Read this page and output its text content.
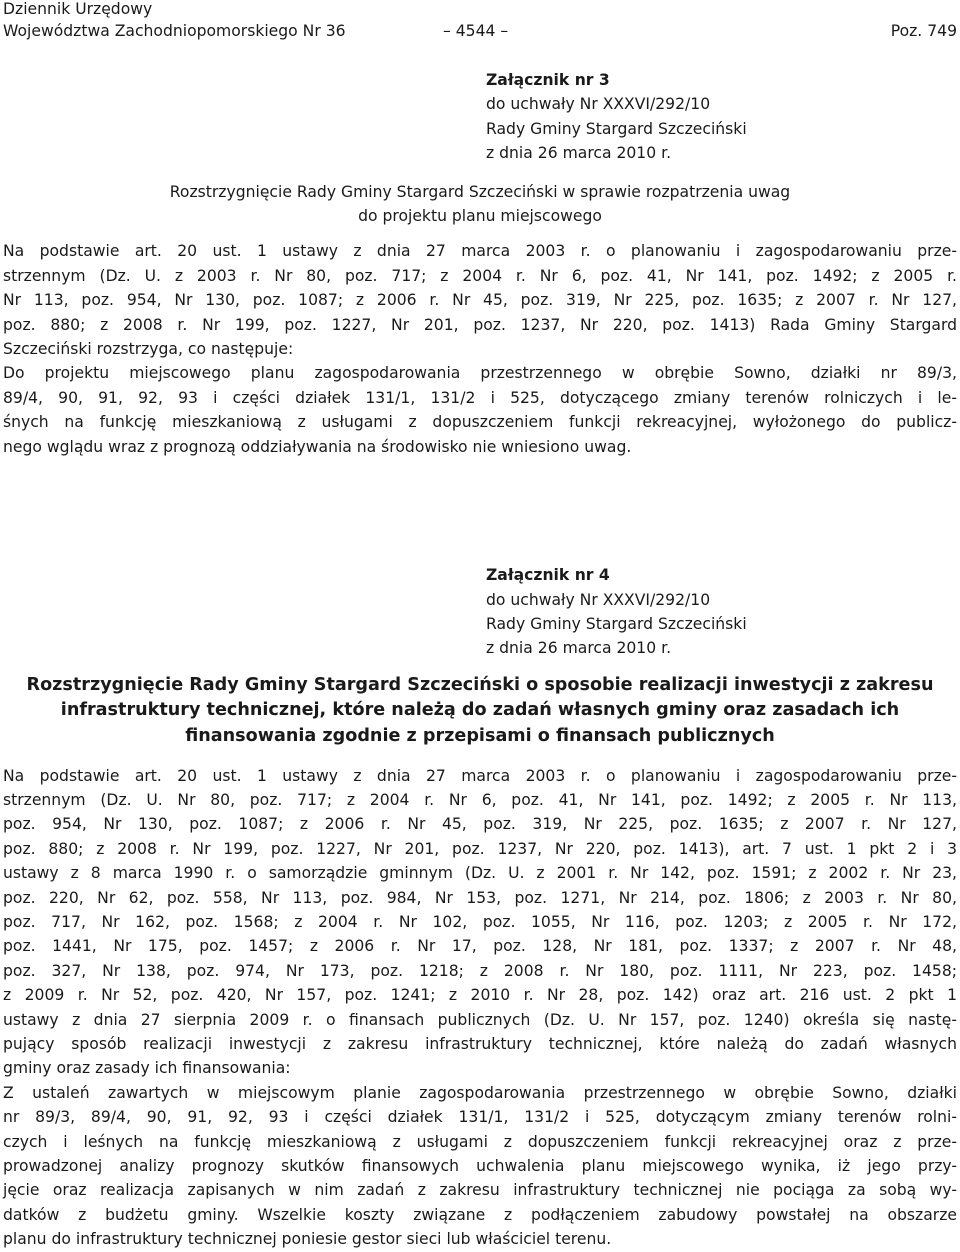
Dziennik Urzędowy
Województwa Zachodniopomorskiego Nr 36	– 4544 –	Poz. 749
Załącznik nr 3
do uchwały Nr XXXVI/292/10
Rady Gminy Stargard Szczeciński
z dnia 26 marca 2010 r.
Rozstrzygnięcie Rady Gminy Stargard Szczeciński w sprawie rozpatrzenia uwag
do projektu planu miejscowego
Na podstawie art. 20 ust. 1 ustawy z dnia 27 marca 2003 r. o planowaniu i zagospodarowaniu prze-
strzennym (Dz. U. z 2003 r. Nr 80, poz. 717; z 2004 r. Nr 6, poz. 41, Nr 141, poz. 1492; z 2005 r.
Nr 113, poz. 954, Nr 130, poz. 1087; z 2006 r. Nr 45, poz. 319, Nr 225, poz. 1635; z 2007 r. Nr 127,
poz. 880; z 2008 r. Nr 199, poz. 1227, Nr 201, poz. 1237, Nr 220, poz. 1413) Rada Gminy Stargard
Szczeciński rozstrzyga, co następuje:
Do projektu miejscowego planu zagospodarowania przestrzennego w obrębie Sowno, działki nr 89/3,
89/4, 90, 91, 92, 93 i części działek 131/1, 131/2 i 525, dotyczącego zmiany terenów rolniczych i le-
śnych na funkcję mieszkaniową z usługami z dopuszczeniem funkcji rekreacyjnej, wyłożonego do publicz-
nego wglądu wraz z prognozą oddziaływania na środowisko nie wniesiono uwag.
Załącznik nr 4
do uchwały Nr XXXVI/292/10
Rady Gminy Stargard Szczeciński
z dnia 26 marca 2010 r.
Rozstrzygnięcie Rady Gminy Stargard Szczeciński o sposobie realizacji inwestycji z zakresu
infrastruktury technicznej, które należą do zadań własnych gminy oraz zasadach ich
finansowania zgodnie z przepisami o finansach publicznych
Na podstawie art. 20 ust. 1 ustawy z dnia 27 marca 2003 r. o planowaniu i zagospodarowaniu prze-
strzennym (Dz. U. Nr 80, poz. 717; z 2004 r. Nr 6, poz. 41, Nr 141, poz. 1492; z 2005 r. Nr 113,
poz. 954, Nr 130, poz. 1087; z 2006 r. Nr 45, poz. 319, Nr 225, poz. 1635; z 2007 r. Nr 127,
poz. 880; z 2008 r. Nr 199, poz. 1227, Nr 201, poz. 1237, Nr 220, poz. 1413), art. 7 ust. 1 pkt 2 i 3
ustawy z 8 marca 1990 r. o samorządzie gminnym (Dz. U. z 2001 r. Nr 142, poz. 1591; z 2002 r. Nr 23,
poz. 220, Nr 62, poz. 558, Nr 113, poz. 984, Nr 153, poz. 1271, Nr 214, poz. 1806; z 2003 r. Nr 80,
poz. 717, Nr 162, poz. 1568; z 2004 r. Nr 102, poz. 1055, Nr 116, poz. 1203; z 2005 r. Nr 172,
poz. 1441, Nr 175, poz. 1457; z 2006 r. Nr 17, poz. 128, Nr 181, poz. 1337; z 2007 r. Nr 48,
poz. 327, Nr 138, poz. 974, Nr 173, poz. 1218; z 2008 r. Nr 180, poz. 1111, Nr 223, poz. 1458;
z 2009 r. Nr 52, poz. 420, Nr 157, poz. 1241; z 2010 r. Nr 28, poz. 142) oraz art. 216 ust. 2 pkt 1
ustawy z dnia 27 sierpnia 2009 r. o finansach publicznych (Dz. U. Nr 157, poz. 1240) określa się nastę-
pujący sposób realizacji inwestycji z zakresu infrastruktury technicznej, które należą do zadań własnych
gminy oraz zasady ich finansowania:
Z ustaleń zawartych w miejscowym planie zagospodarowania przestrzennego w obrębie Sowno, działki
nr 89/3, 89/4, 90, 91, 92, 93 i części działek 131/1, 131/2 i 525, dotyczącym zmiany terenów rolni-
czych i leśnych na funkcję mieszkaniową z usługami z dopuszczeniem funkcji rekreacyjnej oraz z prze-
prowadzonej analizy prognozy skutków finansowych uchwalenia planu miejscowego wynika, iż jego przy-
jęcie oraz realizacja zapisanych w nim zadań z zakresu infrastruktury technicznej nie pociąga za sobą wy-
datków z budżetu gminy. Wszelkie koszty związane z podłączeniem zabudowy powstałej na obszarze
planu do infrastruktury technicznej poniesie gestor sieci lub właściciel terenu.
